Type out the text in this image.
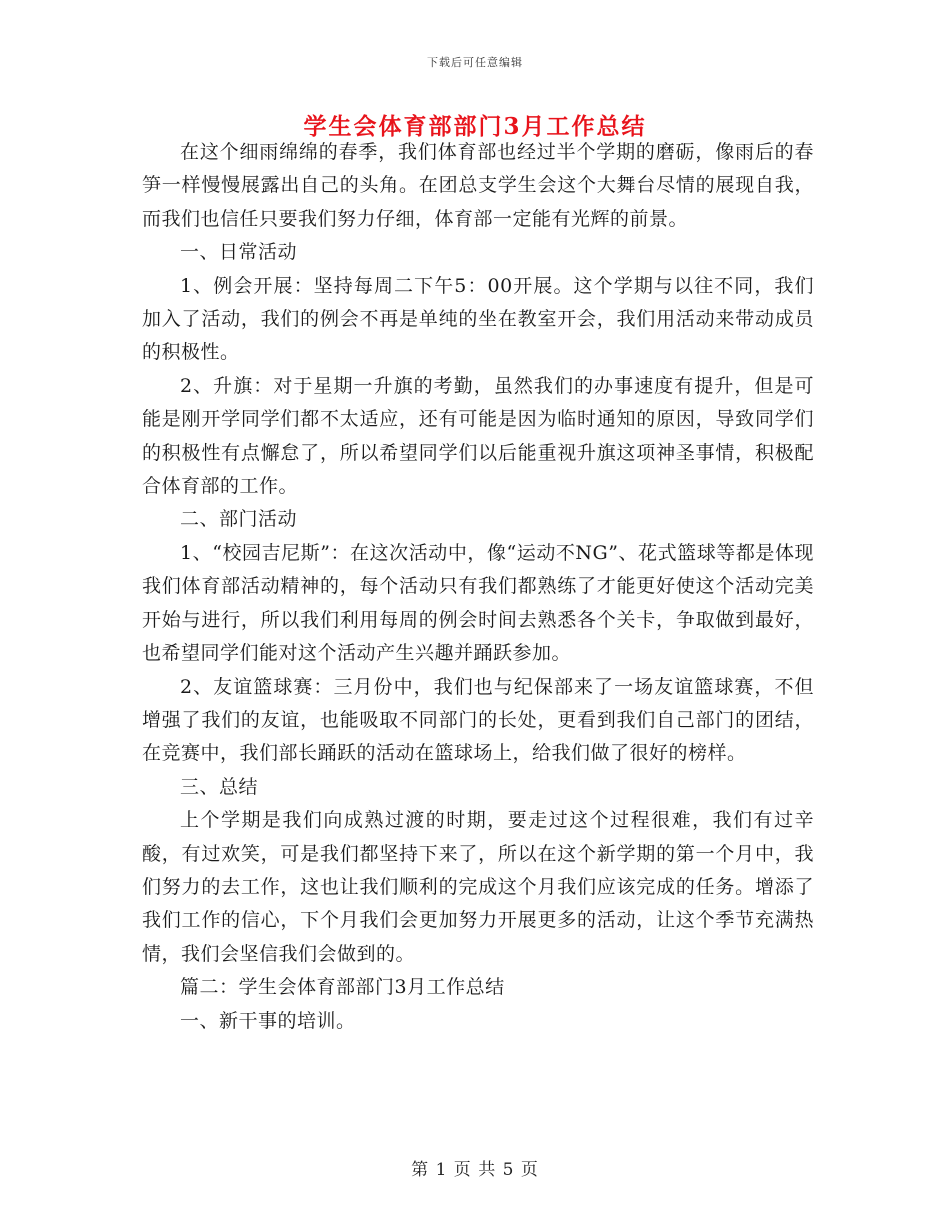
下载后可任意编辑
学生会体育部部门3月工作总结

在这个细雨绵绵的春季，我们体育部也经过半个学期的磨砺，像雨后的春笋一样慢慢展露出自己的头角。在团总支学生会这个大舞台尽情的展现自我，而我们也信任只要我们努力仔细，体育部一定能有光辉的前景。

一、日常活动

1、例会开展：坚持每周二下午5：00开展。这个学期与以往不同，我们加入了活动，我们的例会不再是单纯的坐在教室开会，我们用活动来带动成员的积极性。

2、升旗：对于星期一升旗的考勤，虽然我们的办事速度有提升，但是可能是刚开学同学们都不太适应，还有可能是因为临时通知的原因，导致同学们的积极性有点懈怠了，所以希望同学们以后能重视升旗这项神圣事情，积极配合体育部的工作。

二、部门活动

1、“校园吉尼斯”：在这次活动中，像“运动不NG”、花式篮球等都是体现我们体育部活动精神的，每个活动只有我们都熟练了才能更好使这个活动完美开始与进行，所以我们利用每周的例会时间去熟悉各个关卡，争取做到最好，也希望同学们能对这个活动产生兴趣并踊跃参加。

2、友谊篮球赛：三月份中，我们也与纪保部来了一场友谊篮球赛，不但增强了我们的友谊，也能吸取不同部门的长处，更看到我们自己部门的团结，在竞赛中，我们部长踊跃的活动在篮球场上，给我们做了很好的榜样。

三、总结

上个学期是我们向成熟过渡的时期，要走过这个过程很难，我们有过辛酸，有过欢笑，可是我们都坚持下来了，所以在这个新学期的第一个月中，我们努力的去工作，这也让我们顺利的完成这个月我们应该完成的任务。增添了我们工作的信心，下个月我们会更加努力开展更多的活动，让这个季节充满热情，我们会坚信我们会做到的。

篇二：学生会体育部部门3月工作总结

一、新干事的培训。

第 1 页 共 5 页
